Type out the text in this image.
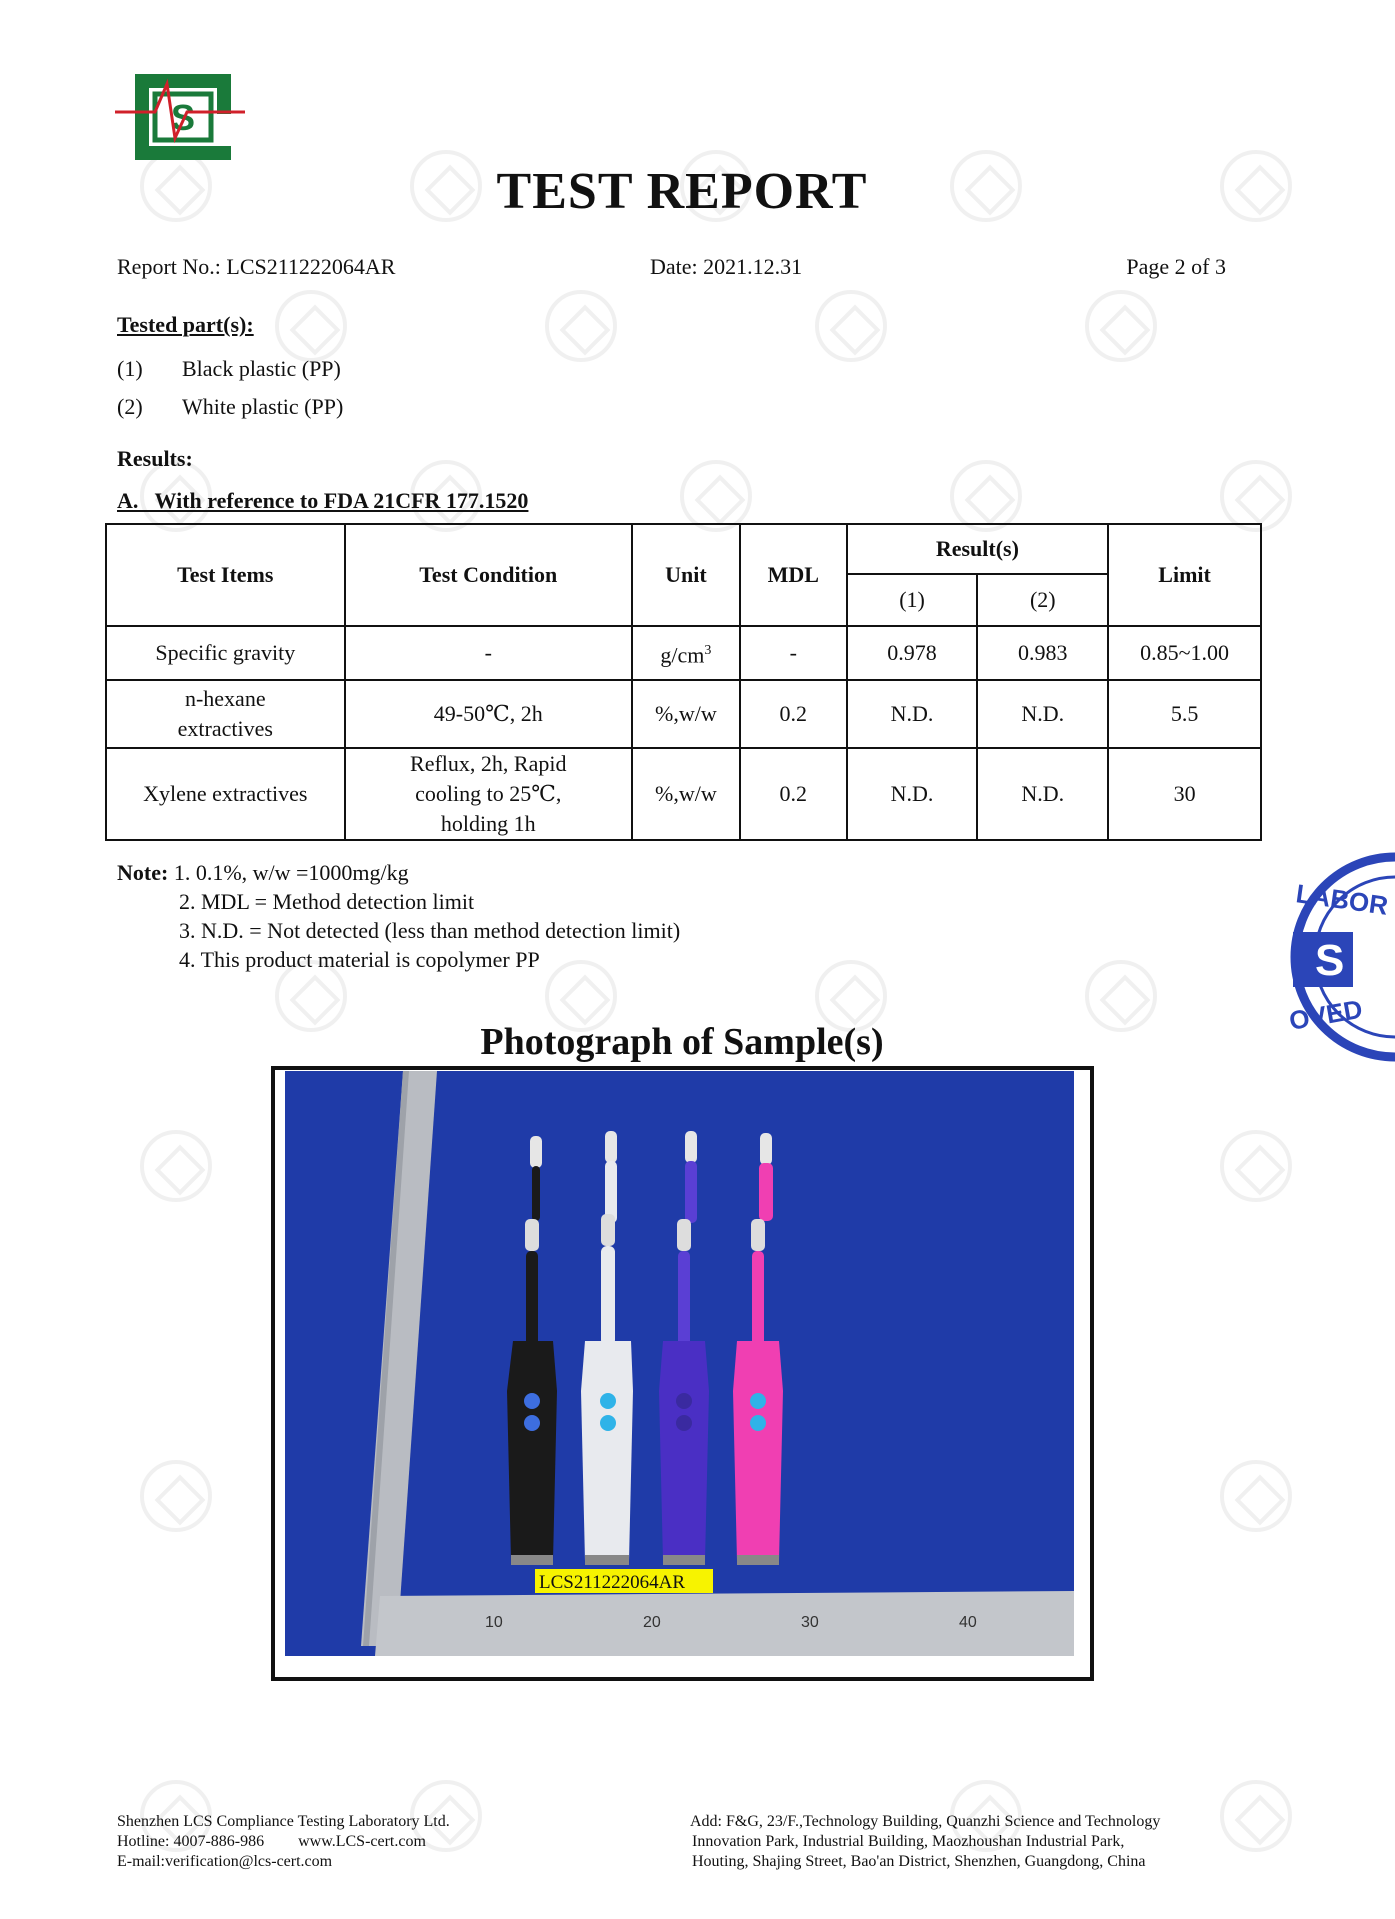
S
TEST REPORT
Report No.: LCS211222064AR	Date: 2021.12.31	Page 2 of 3
Tested part(s):
(1) Black plastic (PP)
(2) White plastic (PP)
Results:
A.   With reference to FDA 21CFR 177.1520
Test Items	Test Condition	Unit	MDL	Result(s)		Limit
				(1)	(2)	
Specific gravity	-	$g/cm^3$	-	0.978	0.983	0.85~1.00

n-hexane
extractives	49-50℃, 2h	%,w/w	0.2	N.D.	N.D.	5.5
Xylene extractives	Reflux, 2h, Rapid
cooling to 25℃,
holding 1h	%,w/w	0.2	N.D.	N.D.	30
Note: 1. 0.1%, w/w =1000mg/kg
2. MDL = Method detection limit
3. N.D. = Not detected (less than method detection limit)
4. This product material is copolymer PP	S
LABOR
OVED
Photograph of Sample(s)
10	20	30	40
LCS211222064AR
Shenzhen LCS Compliance Testing Laboratory Ltd.
Hotline: 4007-886-986 www.LCS-cert.com
E-mail:verification@lcs-cert.com
Add: F&G, 23/F.,Technology Building, Quanzhi Science and Technology
Innovation Park, Industrial Building, Maozhoushan Industrial Park,
Houting, Shajing Street, Bao'an District, Shenzhen, Guangdong, China
